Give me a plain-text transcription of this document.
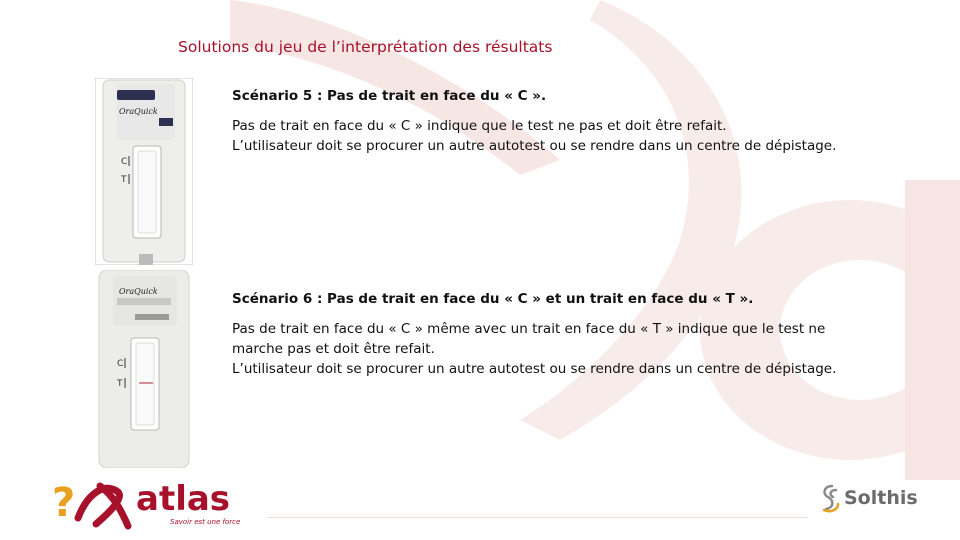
Solutions du jeu de l’interprétation des résultats
OraQuick
C
T
OraQuick
C
T
Scénario 5 : Pas de trait en face du « C ».
Pas de trait en face du « C » indique que le test ne pas et doit être refait.
L’utilisateur doit se procurer un autre autotest ou se rendre dans un centre de dépistage.
Scénario 6 : Pas de trait en face du « C » et un trait en face du « T ».
Pas de trait en face du « C » même avec un trait en face du « T » indique que le test ne
marche pas et doit être refait.
L’utilisateur doit se procurer un autre autotest ou se rendre dans un centre de dépistage.
? atlas
Savoir est une force
Solthis
